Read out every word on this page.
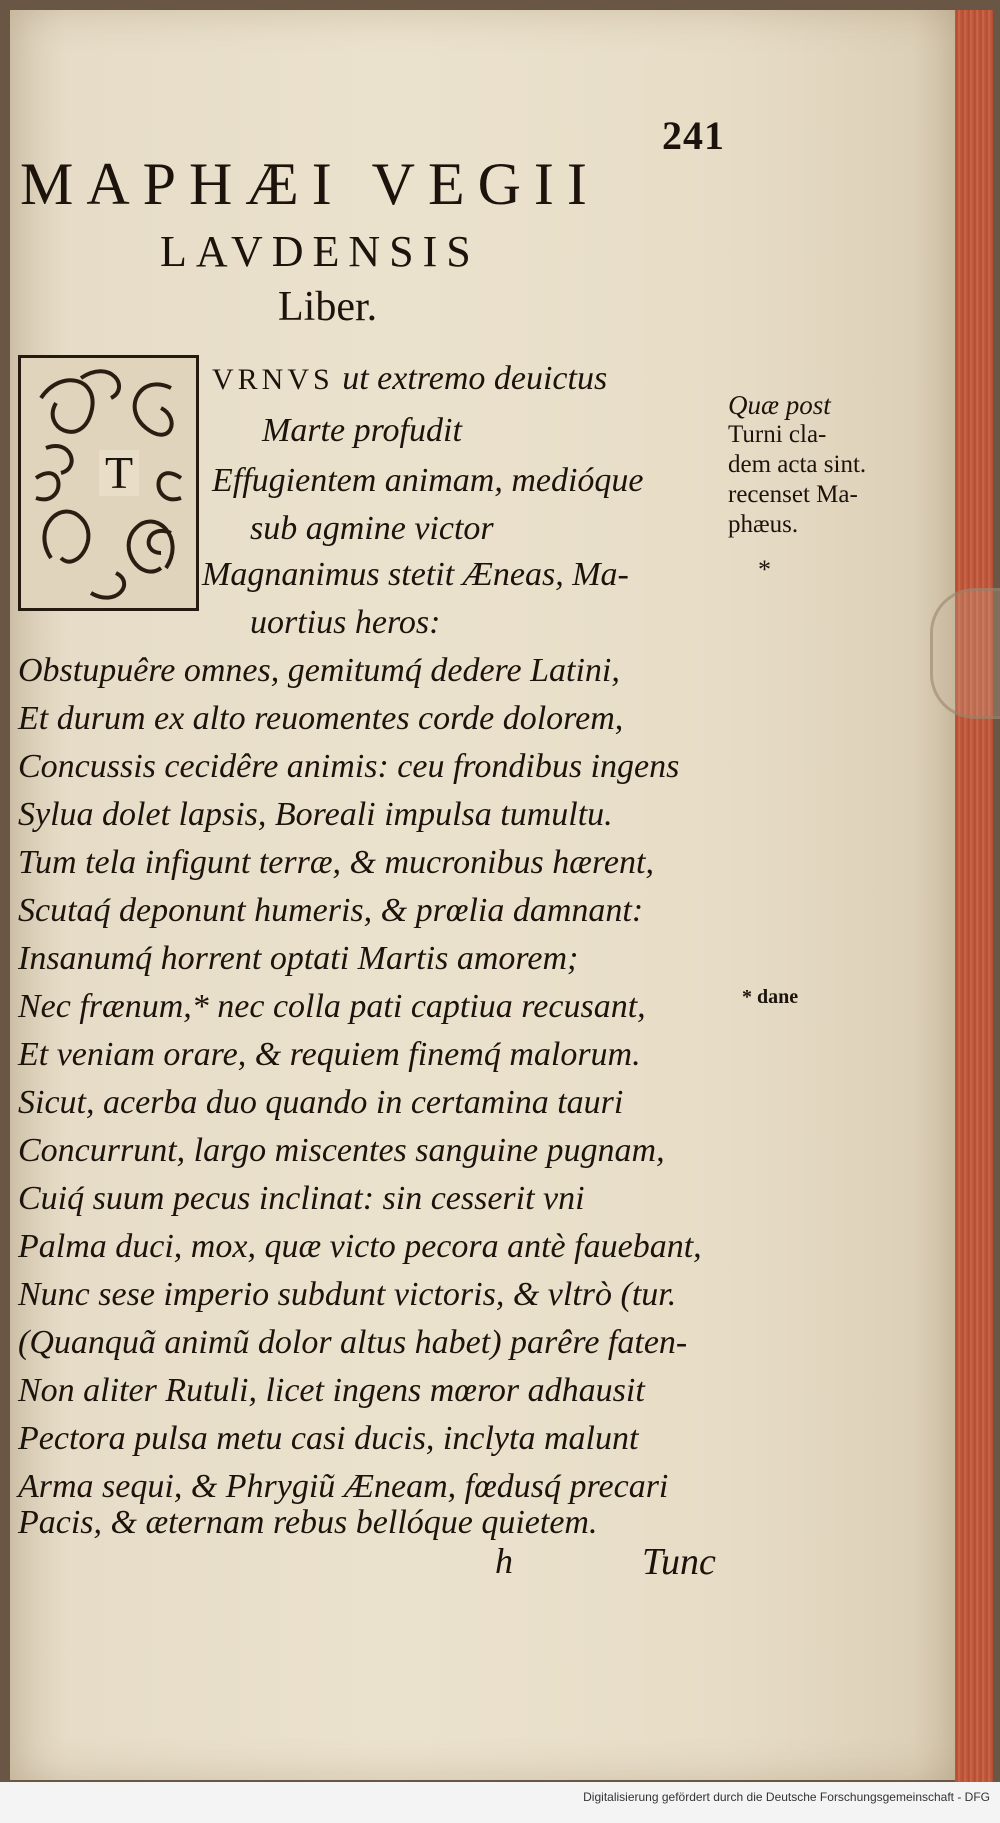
241
MAPHÆI VEGII
LAVDENSIS
Liber.
T
VRNVS ut extremo deuictus
Marte profudit
Effugientem animam, medióque
sub agmine victor
Magnanimus stetit Æneas, Ma-
uortius heros:
Obstupuêre omnes, gemitumq́ dedere Latini,
Et durum ex alto reuomentes corde dolorem,
Concussis cecidêre animis: ceu frondibus ingens
Sylua dolet lapsis, Boreali impulsa tumultu.
Tum tela infigunt terræ, & mucronibus hærent,
Scutaq́ deponunt humeris, & prœlia damnant:
Insanumq́ horrent optati Martis amorem;
Nec frænum,* nec colla pati captiua recusant,
Et veniam orare, & requiem finemq́ malorum.
Sicut, acerba duo quando in certamina tauri
Concurrunt, largo miscentes sanguine pugnam,
Cuiq́ suum pecus inclinat: sin cesserit vni
Palma duci, mox, quæ victo pecora antè fauebant,
Nunc sese imperio subdunt victoris, & vltrò (tur.
(Quanquã animũ dolor altus habet) parêre faten-
Non aliter Rutuli, licet ingens mœror adhausit
Pectora pulsa metu casi ducis, inclyta malunt
Arma sequi, & Phrygiũ Æneam, fœdusq́ precari
Pacis, & æternam rebus bellóque quietem.
Quæ post
Turni cla-
dem acta sint.
recenset Ma-
phæus.
*
* dane
h	Tunc
Digitalisierung gefördert durch die Deutsche Forschungsgemeinschaft - DFG
